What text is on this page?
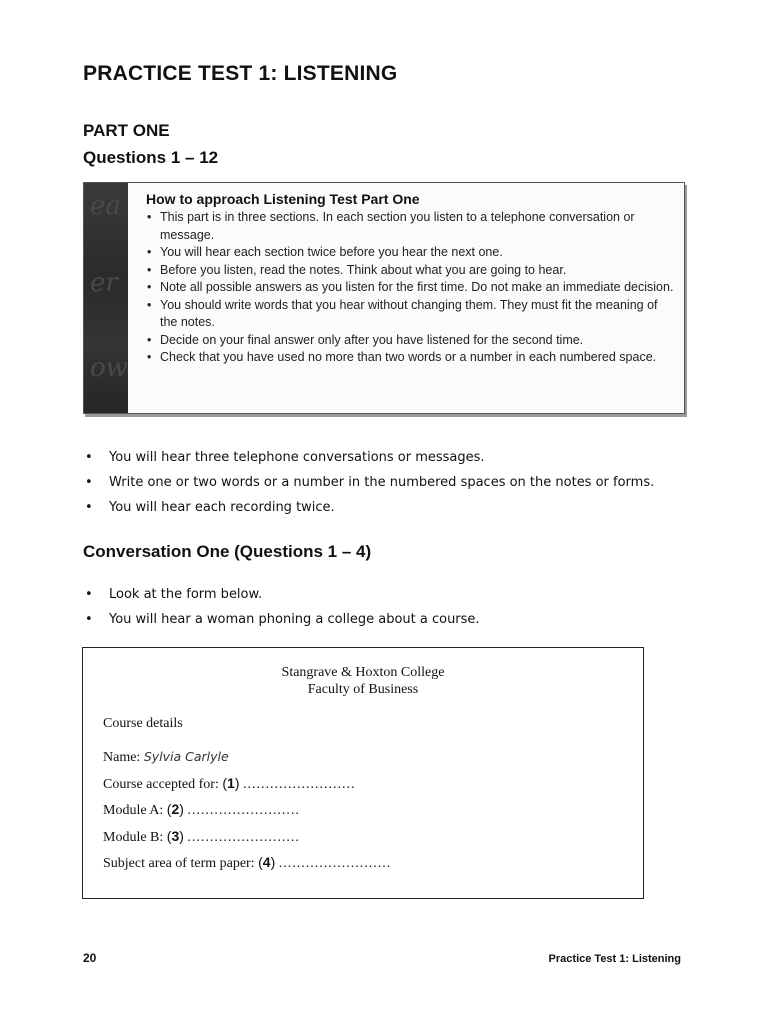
PRACTICE TEST 1: LISTENING
PART ONE
Questions 1 – 12
ea
er
ow
How to approach Listening Test Part One
• This part is in three sections. In each section you listen to a telephone conversation or message.
• You will hear each section twice before you hear the next one.
• Before you listen, read the notes. Think about what you are going to hear.
• Note all possible answers as you listen for the first time. Do not make an immediate decision.
• You should write words that you hear without changing them. They must fit the meaning of the notes.
• Decide on your final answer only after you have listened for the second time.
• Check that you have used no more than two words or a number in each numbered space.
• You will hear three telephone conversations or messages.
• Write one or two words or a number in the numbered spaces on the notes or forms.
• You will hear each recording twice.
Conversation One (Questions 1 – 4)
• Look at the form below.
• You will hear a woman phoning a college about a course.
Stangrave & Hoxton College
Faculty of Business
Course details
Name: Sylvia Carlyle
Course accepted for: (1) .........................
Module A: (2) .........................
Module B: (3) .........................
Subject area of term paper: (4) .........................
20	Practice Test 1: Listening
